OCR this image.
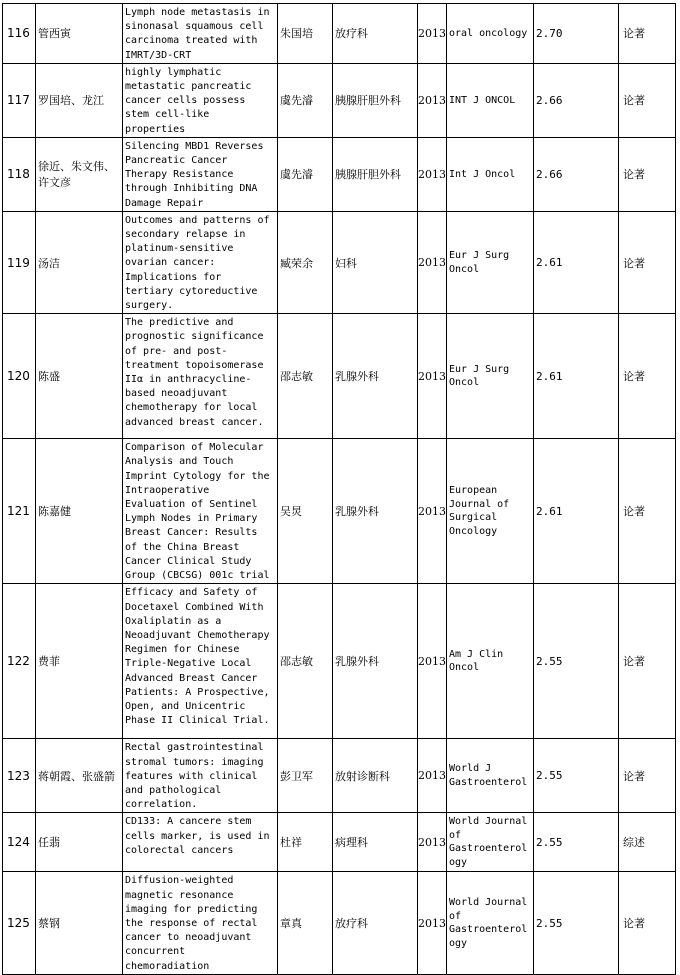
116	管西寅	Lymph node metastasis in sinonasal squamous cell carcinoma treated with IMRT/3D-CRT	朱国培	放疗科	2013	oral oncology	2.70	论著
117	罗国培、龙江	highly lymphatic metastatic pancreatic cancer cells possess stem cell-like properties	虞先濬	胰腺肝胆外科	2013	INT J ONCOL	2.66	论著
118	徐近、朱文伟、许文彦	Silencing MBD1 Reverses Pancreatic Cancer Therapy Resistance through Inhibiting DNA Damage Repair	虞先濬	胰腺肝胆外科	2013	Int J Oncol	2.66	论著
119	汤洁	Outcomes and patterns of secondary relapse in platinum-sensitive ovarian cancer: Implications for tertiary cytoreductive surgery.	臧荣余	妇科	2013	Eur J Surg Oncol	2.61	论著
120	陈盛	The predictive and prognostic significance of pre- and post-treatment topoisomerase IIα in anthracycline-based neoadjuvant chemotherapy for local advanced breast cancer.	邵志敏	乳腺外科	2013	Eur J Surg Oncol	2.61	论著
121	陈嘉健	Comparison of Molecular Analysis and Touch Imprint Cytology for the Intraoperative Evaluation of Sentinel Lymph Nodes in Primary Breast Cancer: Results of the China Breast Cancer Clinical Study Group (CBCSG) 001c trial	吴炅	乳腺外科	2013	European Journal of Surgical Oncology	2.61	论著
122	费菲	Efficacy and Safety of Docetaxel Combined With Oxaliplatin as a Neoadjuvant Chemotherapy Regimen for Chinese Triple-Negative Local Advanced Breast Cancer Patients: A Prospective, Open, and Unicentric Phase II Clinical Trial.	邵志敏	乳腺外科	2013	Am J Clin Oncol	2.55	论著
123	蒋朝霞、张盛箭	Rectal gastrointestinal stromal tumors: imaging features with clinical and pathological correlation.	彭卫军	放射诊断科	2013	World J Gastroenterol	2.55	论著
124	任翡	CD133: A cancere stem cells marker, is used in colorectal cancers	杜祥	病理科	2013	World Journal of Gastroenterology	2.55	综述
125	蔡钢	Diffusion-weighted magnetic resonance imaging for predicting the response of rectal cancer to neoadjuvant concurrent chemoradiation	章真	放疗科	2013	World Journal of Gastroenterology	2.55	论著
